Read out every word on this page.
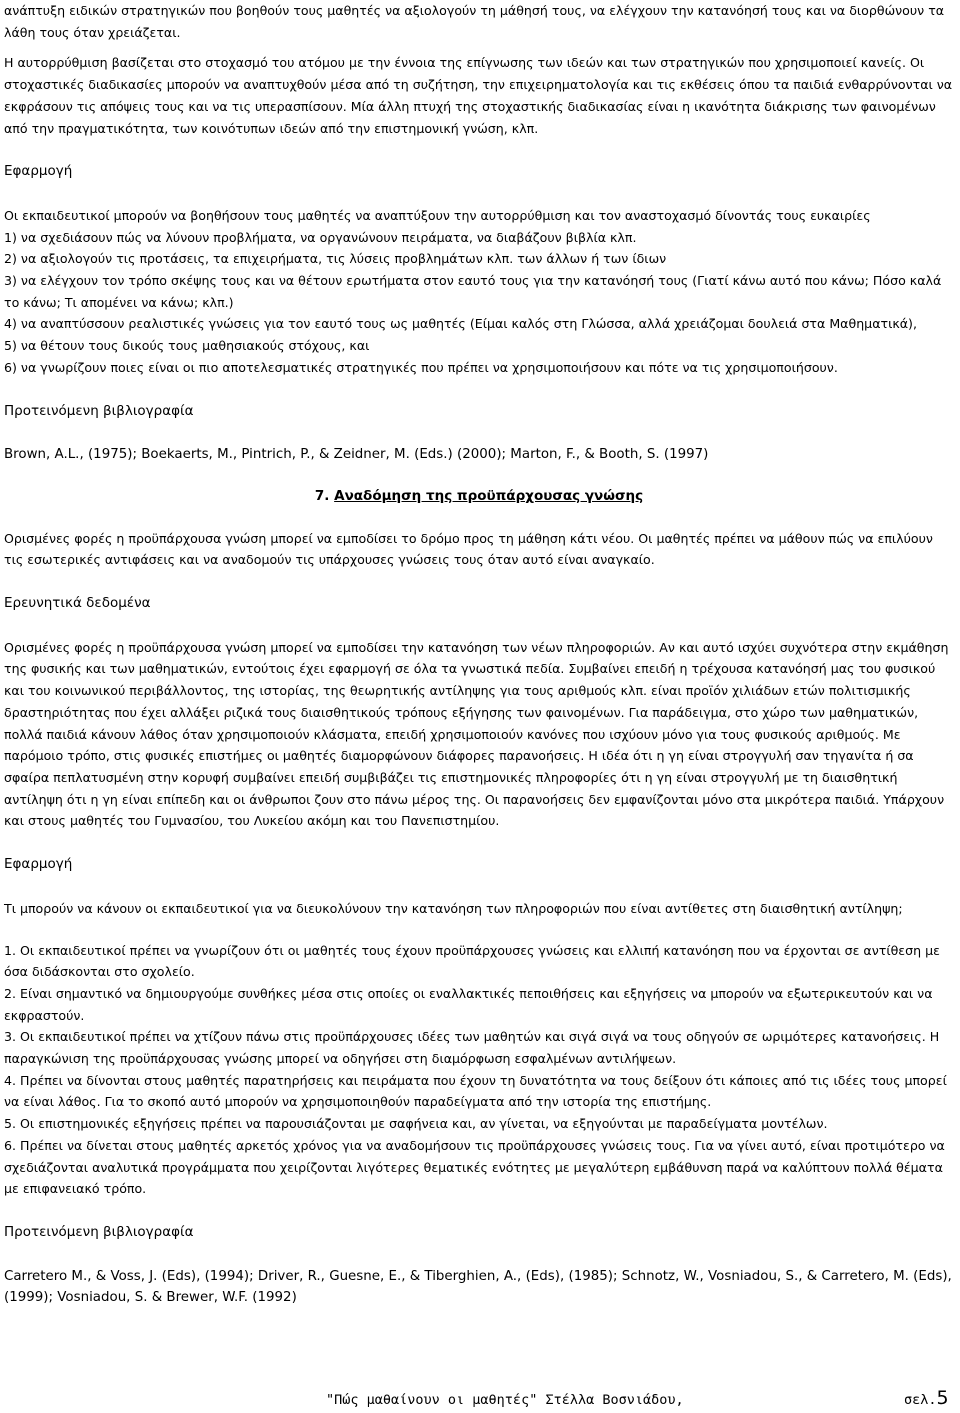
ανάπτυξη ειδικών στρατηγικών που βοηθούν τους μαθητές να αξιολογούν τη μάθησή τους, να ελέγχουν την κατανόησή τους και να διορθώνουν τα λάθη τους όταν χρειάζεται.

Η αυτορρύθμιση βασίζεται στο στοχασμό του ατόμου με την έννοια της επίγνωσης των ιδεών και των στρατηγικών που χρησιμοποιεί κανείς. Οι στοχαστικές διαδικασίες μπορούν να αναπτυχθούν μέσα από τη συζήτηση, την επιχειρηματολογία και τις εκθέσεις όπου τα παιδιά ενθαρρύνονται να εκφράσουν τις απόψεις τους και να τις υπερασπίσουν. Μία άλλη πτυχή της στοχαστικής διαδικασίας είναι η ικανότητα διάκρισης των φαινομένων από την πραγματικότητα, των κοινότυπων ιδεών από την επιστημονική γνώση, κλπ.

Εφαρμογή

Οι εκπαιδευτικοί μπορούν να βοηθήσουν τους μαθητές να αναπτύξουν την αυτορρύθμιση και τον αναστοχασμό δίνοντάς τους ευκαιρίες

1) να σχεδιάσουν πώς να λύνουν προβλήματα, να οργανώνουν πειράματα, να διαβάζουν βιβλία κλπ.

2) να αξιολογούν τις προτάσεις, τα επιχειρήματα, τις λύσεις προβλημάτων κλπ. των άλλων ή των ίδιων

3) να ελέγχουν τον τρόπο σκέψης τους και να θέτουν ερωτήματα στον εαυτό τους για την κατανόησή τους (Γιατί κάνω αυτό που κάνω; Πόσο καλά το κάνω; Τι απομένει να κάνω; κλπ.)

4) να αναπτύσσουν ρεαλιστικές γνώσεις για τον εαυτό τους ως μαθητές (Είμαι καλός στη Γλώσσα, αλλά χρειάζομαι δουλειά στα Μαθηματικά),

5) να θέτουν τους δικούς τους μαθησιακούς στόχους, και

6) να γνωρίζουν ποιες είναι οι πιο αποτελεσματικές στρατηγικές που πρέπει να χρησιμοποιήσουν και πότε να τις χρησιμοποιήσουν.

Προτεινόμενη βιβλιογραφία

Brown, A.L., (1975); Boekaerts, M., Pintrich, P., & Zeidner, M. (Eds.) (2000); Marton, F., & Booth, S. (1997)

7. Αναδόμηση της προϋπάρχουσας γνώσης

Ορισμένες φορές η προϋπάρχουσα γνώση μπορεί να εμποδίσει το δρόμο προς τη μάθηση κάτι νέου. Οι μαθητές πρέπει να μάθουν πώς να επιλύουν τις εσωτερικές αντιφάσεις και να αναδομούν τις υπάρχουσες γνώσεις τους όταν αυτό είναι αναγκαίο.

Ερευνητικά δεδομένα

Ορισμένες φορές η προϋπάρχουσα γνώση μπορεί να εμποδίσει την κατανόηση των νέων πληροφοριών. Αν και αυτό ισχύει συχνότερα στην εκμάθηση της φυσικής και των μαθηματικών, εντούτοις έχει εφαρμογή σε όλα τα γνωστικά πεδία. Συμβαίνει επειδή η τρέχουσα κατανόησή μας του φυσικού και του κοινωνικού περιβάλλοντος, της ιστορίας, της θεωρητικής αντίληψης για τους αριθμούς κλπ. είναι προϊόν χιλιάδων ετών πολιτισμικής δραστηριότητας που έχει αλλάξει ριζικά τους διαισθητικούς τρόπους εξήγησης των φαινομένων. Για παράδειγμα, στο χώρο των μαθηματικών, πολλά παιδιά κάνουν λάθος όταν χρησιμοποιούν κλάσματα, επειδή χρησιμοποιούν κανόνες που ισχύουν μόνο για τους φυσικούς αριθμούς. Με παρόμοιο τρόπο, στις φυσικές επιστήμες οι μαθητές διαμορφώνουν διάφορες παρανοήσεις. Η ιδέα ότι η γη είναι στρογγυλή σαν τηγανίτα ή σα σφαίρα πεπλατυσμένη στην κορυφή συμβαίνει επειδή συμβιβάζει τις επιστημονικές πληροφορίες ότι η γη είναι στρογγυλή με τη διαισθητική αντίληψη ότι η γη είναι επίπεδη και οι άνθρωποι ζουν στο πάνω μέρος της. Οι παρανοήσεις δεν εμφανίζονται μόνο στα μικρότερα παιδιά. Υπάρχουν και στους μαθητές του Γυμνασίου, του Λυκείου ακόμη και του Πανεπιστημίου.

Εφαρμογή

Τι μπορούν να κάνουν οι εκπαιδευτικοί για να διευκολύνουν την κατανόηση των πληροφοριών που είναι αντίθετες στη διαισθητική αντίληψη;

1. Οι εκπαιδευτικοί πρέπει να γνωρίζουν ότι οι μαθητές τους έχουν προϋπάρχουσες γνώσεις και ελλιπή κατανόηση που να έρχονται σε αντίθεση με όσα διδάσκονται στο σχολείο.

2. Είναι σημαντικό να δημιουργούμε συνθήκες μέσα στις οποίες οι εναλλακτικές πεποιθήσεις και εξηγήσεις να μπορούν να εξωτερικευτούν και να εκφραστούν.

3. Οι εκπαιδευτικοί πρέπει να χτίζουν πάνω στις προϋπάρχουσες ιδέες των μαθητών και σιγά σιγά να τους οδηγούν σε ωριμότερες κατανοήσεις. Η παραγκώνιση της προϋπάρχουσας γνώσης μπορεί να οδηγήσει στη διαμόρφωση εσφαλμένων αντιλήψεων.

4. Πρέπει να δίνονται στους μαθητές παρατηρήσεις και πειράματα που έχουν τη δυνατότητα να τους δείξουν ότι κάποιες από τις ιδέες τους μπορεί να είναι λάθος. Για το σκοπό αυτό μπορούν να χρησιμοποιηθούν παραδείγματα από την ιστορία της επιστήμης.

5. Οι επιστημονικές εξηγήσεις πρέπει να παρουσιάζονται με σαφήνεια και, αν γίνεται, να εξηγούνται με παραδείγματα μοντέλων.

6. Πρέπει να δίνεται στους μαθητές αρκετός χρόνος για να αναδομήσουν τις προϋπάρχουσες γνώσεις τους. Για να γίνει αυτό, είναι προτιμότερο να σχεδιάζονται αναλυτικά προγράμματα που χειρίζονται λιγότερες θεματικές ενότητες με μεγαλύτερη εμβάθυνση παρά να καλύπτουν πολλά θέματα με επιφανειακό τρόπο.

Προτεινόμενη βιβλιογραφία

Carretero M., & Voss, J. (Eds), (1994); Driver, R., Guesne, E., & Tiberghien, A., (Eds), (1985); Schnotz, W., Vosniadou, S., & Carretero, M. (Eds), (1999); Vosniadou, S. & Brewer, W.F. (1992)

"Πώς μαθαίνουν οι μαθητές" Στέλλα Βοσνιάδου,	σελ.5
